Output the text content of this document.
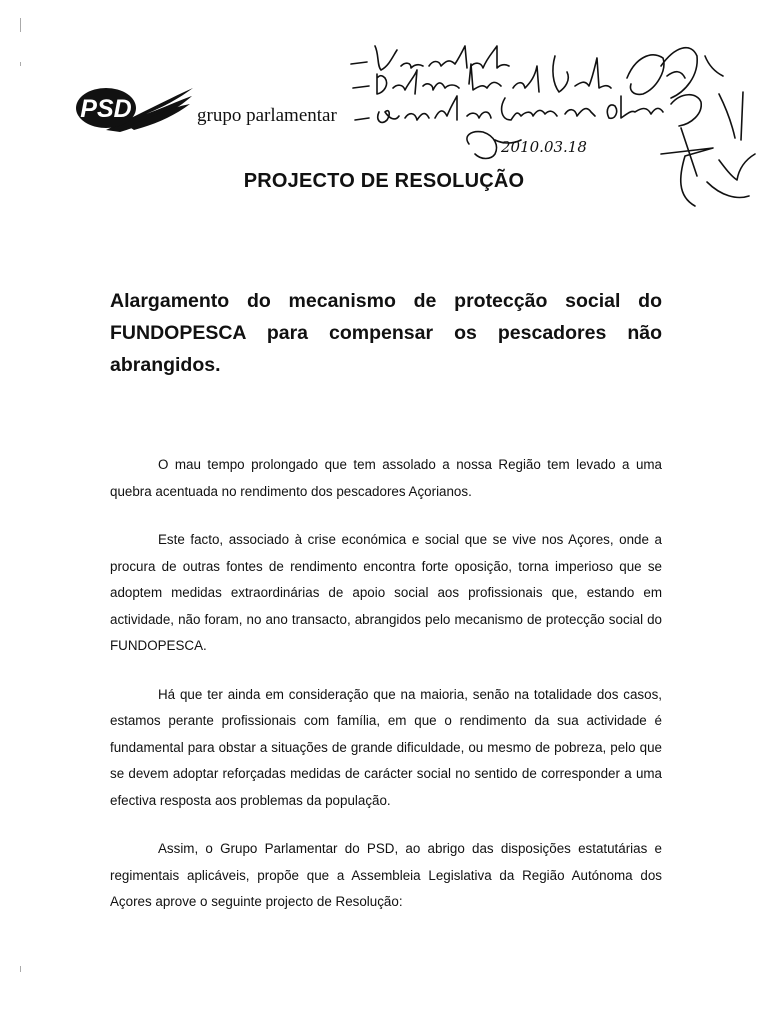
PSD	grupo parlamentar
2010.03.18
PROJECTO DE RESOLUÇÃO
Alargamento do mecanismo de protecção social do FUNDOPESCA para compensar os pescadores não abrangidos.

O mau tempo prolongado que tem assolado a nossa Região tem levado a uma quebra acentuada no rendimento dos pescadores Açorianos.

Este facto, associado à crise económica e social que se vive nos Açores, onde a procura de outras fontes de rendimento encontra forte oposição, torna imperioso que se adoptem medidas extraordinárias de apoio social aos profissionais que, estando em actividade, não foram, no ano transacto, abrangidos pelo mecanismo de protecção social do FUNDOPESCA.

Há que ter ainda em consideração que na maioria, senão na totalidade dos casos, estamos perante profissionais com família, em que o rendimento da sua actividade é fundamental para obstar a situações de grande dificuldade, ou mesmo de pobreza, pelo que se devem adoptar reforçadas medidas de carácter social no sentido de corresponder a uma efectiva resposta aos problemas da população.

Assim, o Grupo Parlamentar do PSD, ao abrigo das disposições estatutárias e regimentais aplicáveis, propõe que a Assembleia Legislativa da Região Autónoma dos Açores aprove o seguinte projecto de Resolução:
